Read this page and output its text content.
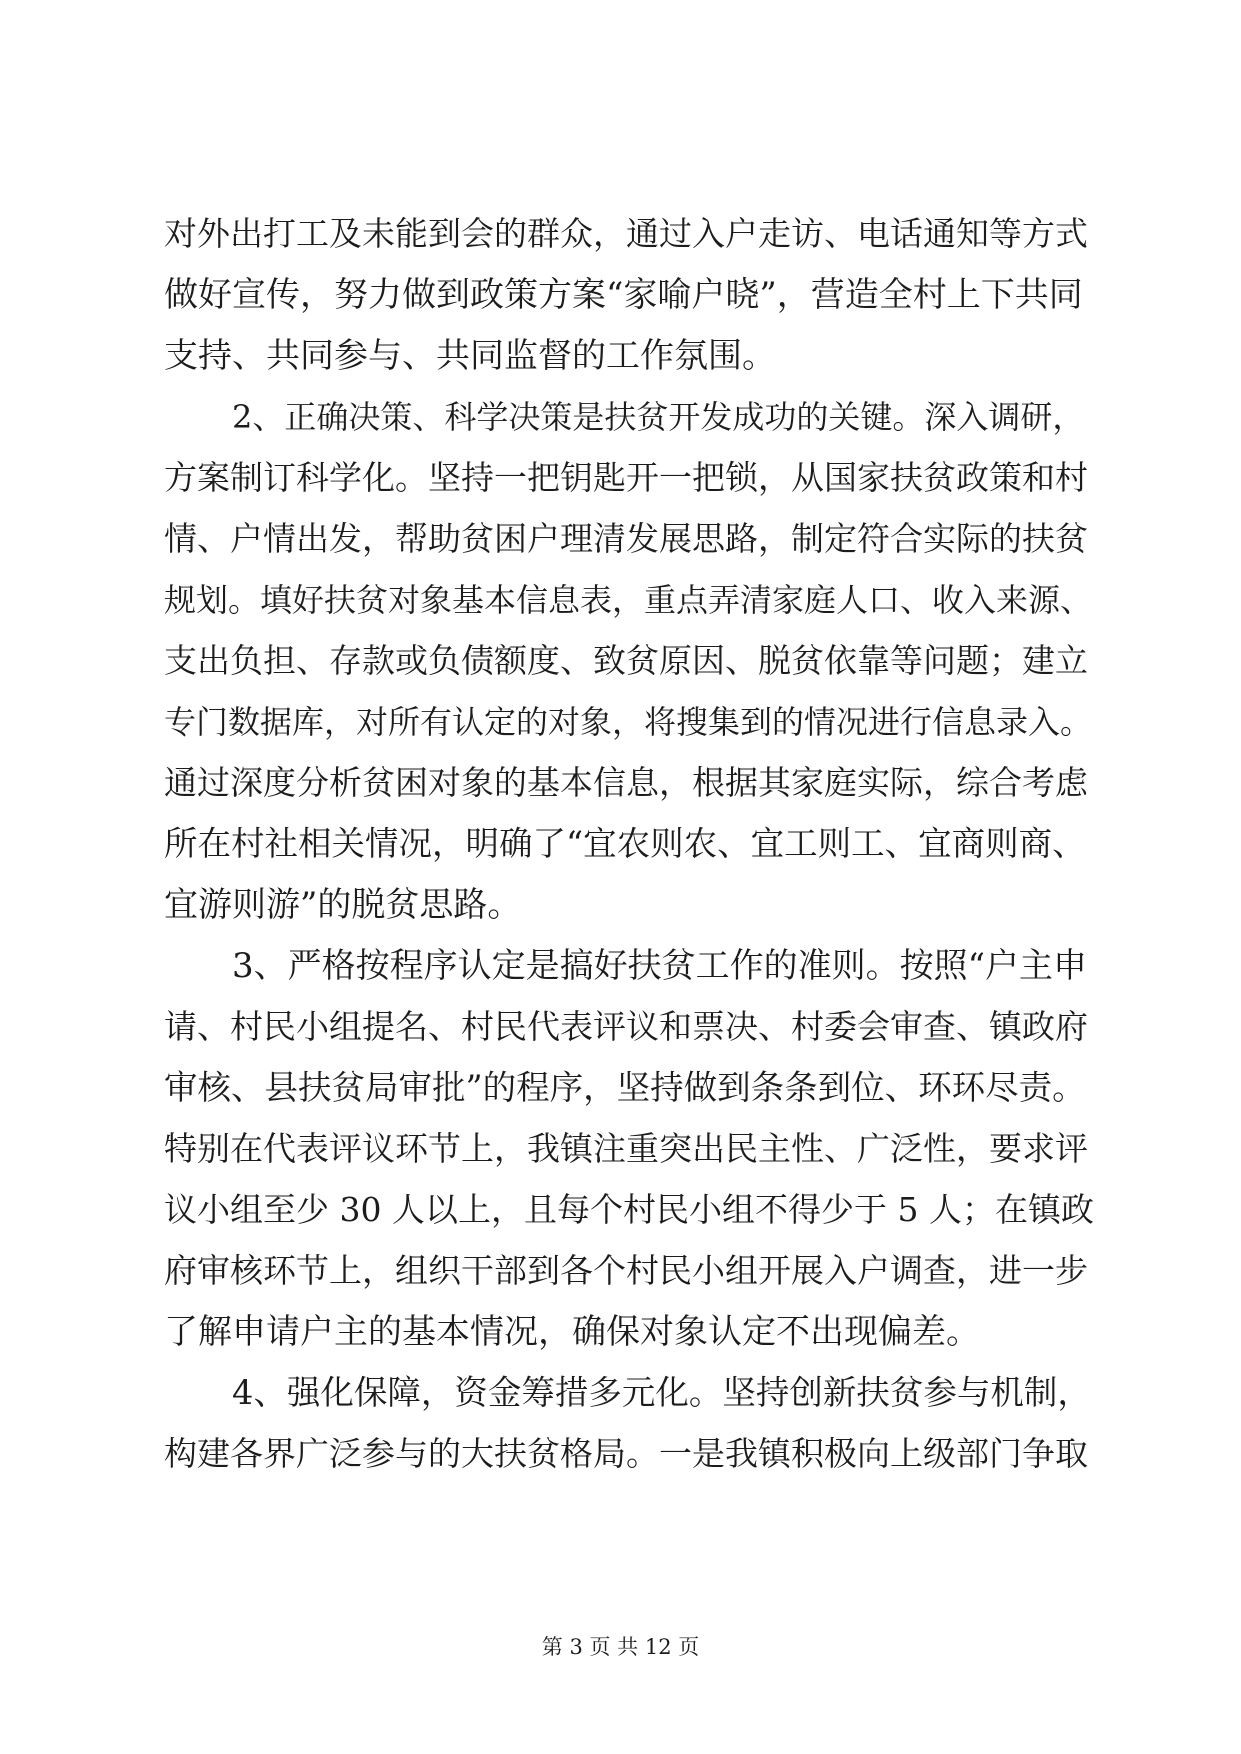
对外出打工及未能到会的群众，通过入户走访、电话通知等方式
做好宣传，努力做到政策方案“家喻户晓”，营造全村上下共同
支持、共同参与、共同监督的工作氛围。
2、正确决策、科学决策是扶贫开发成功的关键。深入调研，
方案制订科学化。坚持一把钥匙开一把锁，从国家扶贫政策和村
情、户情出发，帮助贫困户理清发展思路，制定符合实际的扶贫
规划。填好扶贫对象基本信息表，重点弄清家庭人口、收入来源、
支出负担、存款或负债额度、致贫原因、脱贫依靠等问题；建立
专门数据库，对所有认定的对象，将搜集到的情况进行信息录入。
通过深度分析贫困对象的基本信息，根据其家庭实际，综合考虑
所在村社相关情况，明确了“宜农则农、宜工则工、宜商则商、
宜游则游”的脱贫思路。
3、严格按程序认定是搞好扶贫工作的准则。按照“户主申
请、村民小组提名、村民代表评议和票决、村委会审查、镇政府
审核、县扶贫局审批”的程序，坚持做到条条到位、环环尽责。
特别在代表评议环节上，我镇注重突出民主性、广泛性，要求评
议小组至少 30 人以上，且每个村民小组不得少于 5 人；在镇政
府审核环节上，组织干部到各个村民小组开展入户调查，进一步
了解申请户主的基本情况，确保对象认定不出现偏差。
4、强化保障，资金筹措多元化。坚持创新扶贫参与机制，
构建各界广泛参与的大扶贫格局。一是我镇积极向上级部门争取
第 3 页 共 12 页
